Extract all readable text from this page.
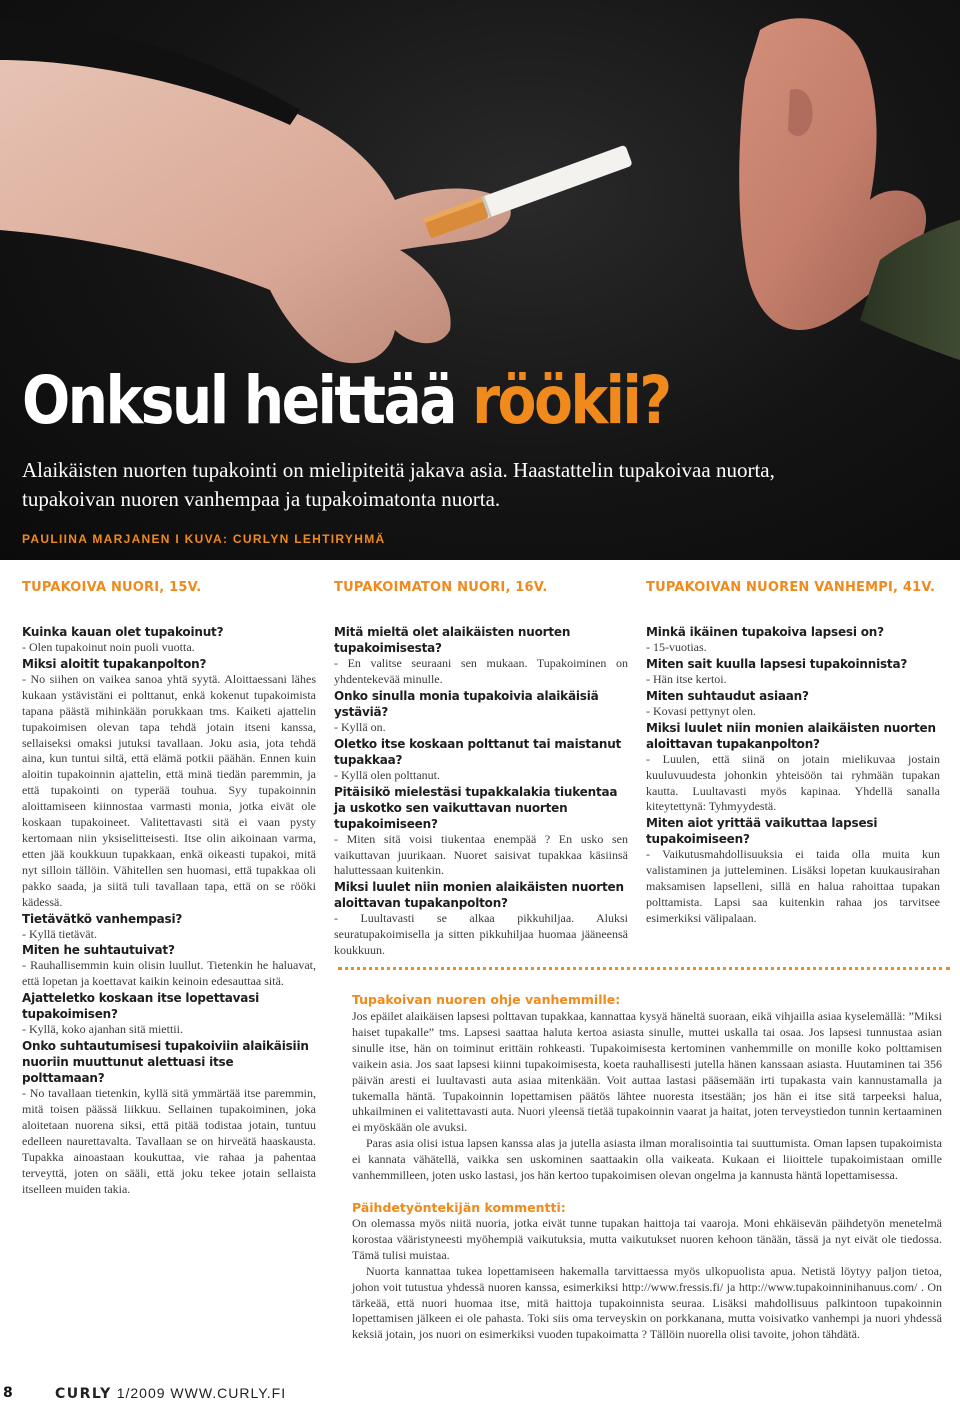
Onksul heittää röökii?
Alaikäisten nuorten tupakointi on mielipiteitä jakava asia. Haastattelin tupakoivaa nuorta, tupakoivan nuoren vanhempaa ja tupakoimatonta nuorta.
PAULIINA MARJANEN I KUVA: CURLYN LEHTIRYHMÄ
TUPAKOIVA NUORI, 15V.	TUPAKOIMATON NUORI, 16V.	TUPAKOIVAN NUOREN VANHEMPI, 41V.
Kuinka kauan olet tupakoinut?
- Olen tupakoinut noin puoli vuotta.
Miksi aloitit tupakanpolton?
- No siihen on vaikea sanoa yhtä syytä. Aloittaessani lähes kukaan ystävistäni ei polttanut, enkä kokenut tupakoimista tapana päästä mihinkään porukkaan tms. Kaiketi ajattelin tupakoimisen olevan tapa tehdä jotain itseni kanssa, sellaiseksi omaksi jutuksi tavallaan. Joku asia, jota tehdä aina, kun tuntui siltä, että elämä potkii päähän. Ennen kuin aloitin tupakoinnin ajattelin, että minä tiedän paremmin, ja että tupakointi on typerää touhua. Syy tupakoinnin aloittamiseen kiinnostaa varmasti monia, jotka eivät ole koskaan tupakoineet. Valitettavasti sitä ei vaan pysty kertomaan niin yksiselitteisesti. Itse olin aikoinaan varma, etten jää koukkuun tupakkaan, enkä oikeasti tupakoi, mitä nyt silloin tällöin. Vähitellen sen huomasi, että tupakkaa oli pakko saada, ja siitä tuli tavallaan tapa, että on se rööki kädessä.
Tietävätkö vanhempasi?
- Kyllä tietävät.
Miten he suhtautuivat?
- Rauhallisemmin kuin olisin luullut. Tietenkin he haluavat, että lopetan ja koettavat kaikin keinoin edesauttaa sitä.
Ajatteletko koskaan itse lopettavasi tupakoimisen?
- Kyllä, koko ajanhan sitä miettii.
Onko suhtautumisesi tupakoiviin alaikäisiin nuoriin muuttunut alettuasi itse polttamaan?
- No tavallaan tietenkin, kyllä sitä ymmärtää itse paremmin, mitä toisen päässä liikkuu. Sellainen tupakoiminen, joka aloitetaan nuorena siksi, että pitää todistaa jotain, tuntuu edelleen naurettavalta. Tavallaan se on hirveätä haaskausta. Tupakka ainoastaan koukuttaa, vie rahaa ja pahentaa terveyttä, joten on sääli, että joku tekee jotain sellaista itselleen muiden takia.
Mitä mieltä olet alaikäisten nuorten tupakoimisesta?
- En valitse seuraani sen mukaan. Tupakoiminen on yhdentekevää minulle.
Onko sinulla monia tupakoivia alaikäisiä ystäviä?
- Kyllä on.
Oletko itse koskaan polttanut tai maistanut tupakkaa?
- Kyllä olen polttanut.
Pitäisikö mielestäsi tupakkalakia tiukentaa ja uskotko sen vaikuttavan nuorten tupakoimiseen?
- Miten sitä voisi tiukentaa enempää ? En usko sen vaikuttavan juurikaan. Nuoret saisivat tupakkaa käsiinsä haluttessaan kuitenkin.
Miksi luulet niin monien alaikäisten nuorten aloittavan tupakanpolton?
- Luultavasti se alkaa pikkuhiljaa. Aluksi seuratupakoimisella ja sitten pikkuhiljaa huomaa jääneensä koukkuun.
Minkä ikäinen tupakoiva lapsesi on?
- 15-vuotias.
Miten sait kuulla lapsesi tupakoinnista?
- Hän itse kertoi.
Miten suhtaudut asiaan?
- Kovasi pettynyt olen.
Miksi luulet niin monien alaikäisten nuorten aloittavan tupakanpolton?
- Luulen, että siinä on jotain mielikuvaa jostain kuuluvuudesta johonkin yhteisöön tai ryhmään tupakan kautta. Luultavasti myös kapinaa. Yhdellä sanalla kiteytettynä: Tyhmyydestä.
Miten aiot yrittää vaikuttaa lapsesi tupakoimiseen?
- Vaikutusmahdollisuuksia ei taida olla muita kun valistaminen ja jutteleminen. Lisäksi lopetan kuukausirahan maksamisen lapselleni, sillä en halua rahoittaa tupakan polttamista. Lapsi saa kuitenkin rahaa jos tarvitsee esimerkiksi välipalaan.
Tupakoivan nuoren ohje vanhemmille:

Jos epäilet alaikäisen lapsesi polttavan tupakkaa, kannattaa kysyä häneltä suoraan, eikä vihjailla asiaa kyselemällä: ”Miksi haiset tupakalle” tms. Lapsesi saattaa haluta kertoa asiasta sinulle, muttei uskalla tai osaa. Jos lapsesi tunnustaa asian sinulle itse, hän on toiminut erittäin rohkeasti. Tupakoimisesta kertominen vanhemmille on monille koko polttamisen vaikein asia. Jos saat lapsesi kiinni tupakoimisesta, koeta rauhallisesti jutella hänen kanssaan asiasta. Huutaminen tai 356 päivän aresti ei luultavasti auta asiaa mitenkään. Voit auttaa lastasi pääsemään irti tupakasta vain kannustamalla ja tukemalla häntä. Tupakoinnin lopettamisen päätös lähtee nuoresta itsestään; jos hän ei itse sitä tarpeeksi halua, uhkailminen ei valitettavasti auta. Nuori yleensä tietää tupakoinnin vaarat ja haitat, joten terveystiedon tunnin kertaaminen ei myöskään ole avuksi.

Paras asia olisi istua lapsen kanssa alas ja jutella asiasta ilman moralisointia tai suuttumista. Oman lapsen tupakoimista ei kannata vähätellä, vaikka sen uskominen saattaakin olla vaikeata. Kukaan ei liioittele tupakoimistaan omille vanhemmilleen, joten usko lastasi, jos hän kertoo tupakoimisen olevan ongelma ja kannusta häntä lopettamisessa.

Päihdetyöntekijän kommentti:

On olemassa myös niitä nuoria, jotka eivät tunne tupakan haittoja tai vaaroja. Moni ehkäisevän päihdetyön menetelmä korostaa vääristyneesti myöhempiä vaikutuksia, mutta vaikutukset nuoren kehoon tänään, tässä ja nyt eivät ole tiedossa. Tämä tulisi muistaa.

Nuorta kannattaa tukea lopettamiseen hakemalla tarvittaessa myös ulkopuolista apua. Netistä löytyy paljon tietoa, johon voit tutustua yhdessä nuoren kanssa, esimerkiksi http://www.fressis.fi/ ja http://www.tupakoinninihanuus.com/ . On tärkeää, että nuori huomaa itse, mitä haittoja tupakoinnista seuraa. Lisäksi mahdollisuus palkintoon tupakoinnin lopettamisen jälkeen ei ole pahasta. Toki siis oma terveyskin on porkkanana, mutta voisivatko vanhempi ja nuori yhdessä keksiä jotain, jos nuori on esimerkiksi vuoden tupakoimatta ? Tällöin nuorella olisi tavoite, johon tähdätä.

8	CURLY 1/2009 WWW.CURLY.FI
